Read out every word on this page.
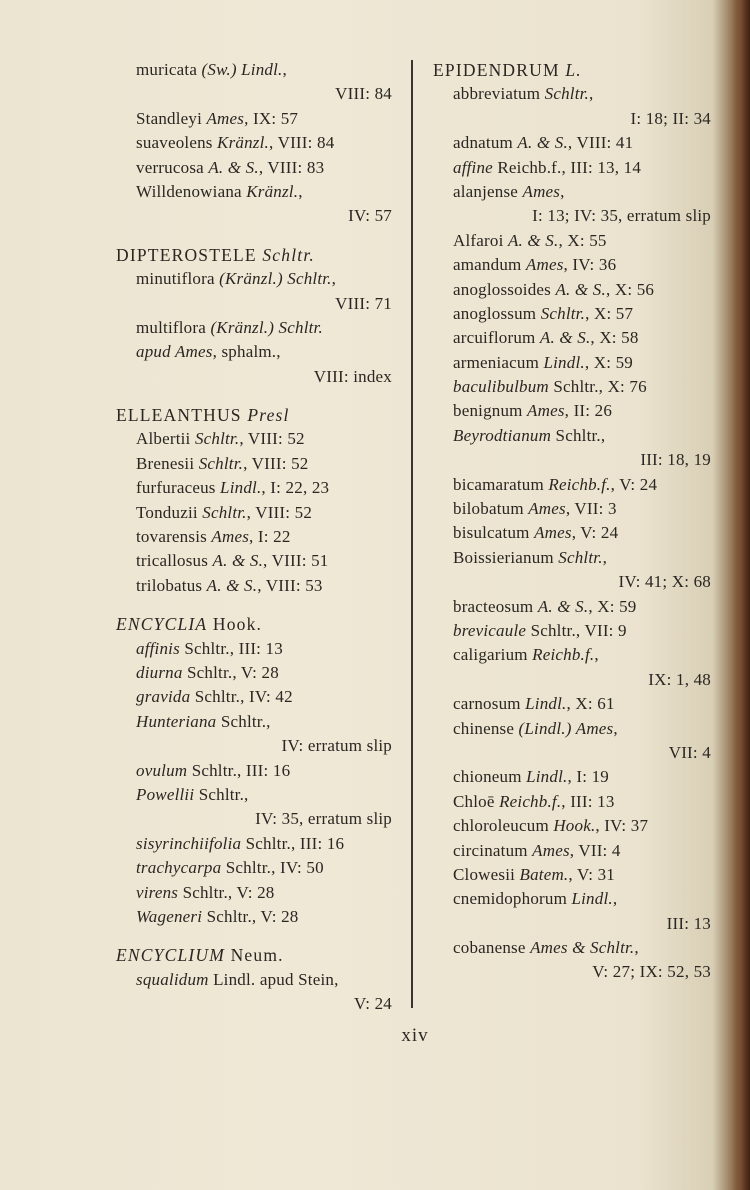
muricata (Sw.) Lindl.,
VIII: 84
Standleyi Ames, IX: 57
suaveolens Kränzl., VIII: 84
verrucosa A. & S., VIII: 83
Willdenowiana Kränzl.,
IV: 57
DIPTEROSTELE Schltr.
minutiflora (Kränzl.) Schltr.,
VIII: 71
multiflora (Kränzl.) Schltr.
apud Ames, sphalm.,
VIII: index
ELLEANTHUS Presl
Albertii Schltr., VIII: 52
Brenesii Schltr., VIII: 52
furfuraceus Lindl., I: 22, 23
Tonduzii Schltr., VIII: 52
tovarensis Ames, I: 22
tricallosus A. & S., VIII: 51
trilobatus A. & S., VIII: 53
ENCYCLIA Hook.
affinis Schltr., III: 13
diurna Schltr., V: 28
gravida Schltr., IV: 42
Hunteriana Schltr.,
IV: erratum slip
ovulum Schltr., III: 16
Powellii Schltr.,
IV: 35, erratum slip
sisyrinchiifolia Schltr., III: 16
trachycarpa Schltr., IV: 50
virens Schltr., V: 28
Wageneri Schltr., V: 28
ENCYCLIUM Neum.
squalidum Lindl. apud Stein,
V: 24
EPIDENDRUM L.
abbreviatum Schltr.,
I: 18; II: 34
adnatum A. & S., VIII: 41
affine Reichb.f., III: 13, 14
alanjense Ames,
I: 13; IV: 35, erratum slip
Alfaroi A. & S., X: 55
amandum Ames, IV: 36
anoglossoides A. & S., X: 56
anoglossum Schltr., X: 57
arcuiflorum A. & S., X: 58
armeniacum Lindl., X: 59
baculibulbum Schltr., X: 76
benignum Ames, II: 26
Beyrodtianum Schltr.,
III: 18, 19
bicamaratum Reichb.f., V: 24
bilobatum Ames, VII: 3
bisulcatum Ames, V: 24
Boissierianum Schltr.,
IV: 41; X: 68
bracteosum A. & S., X: 59
brevicaule Schltr., VII: 9
caligarium Reichb.f.,
IX: 1, 48
carnosum Lindl., X: 61
chinense (Lindl.) Ames,
VII: 4
chioneum Lindl., I: 19
Chloē Reichb.f., III: 13
chloroleucum Hook., IV: 37
circinatum Ames, VII: 4
Clowesii Batem., V: 31
cnemidophorum Lindl.,
III: 13
cobanense Ames & Schltr.,
V: 27; IX: 52, 53
xiv
